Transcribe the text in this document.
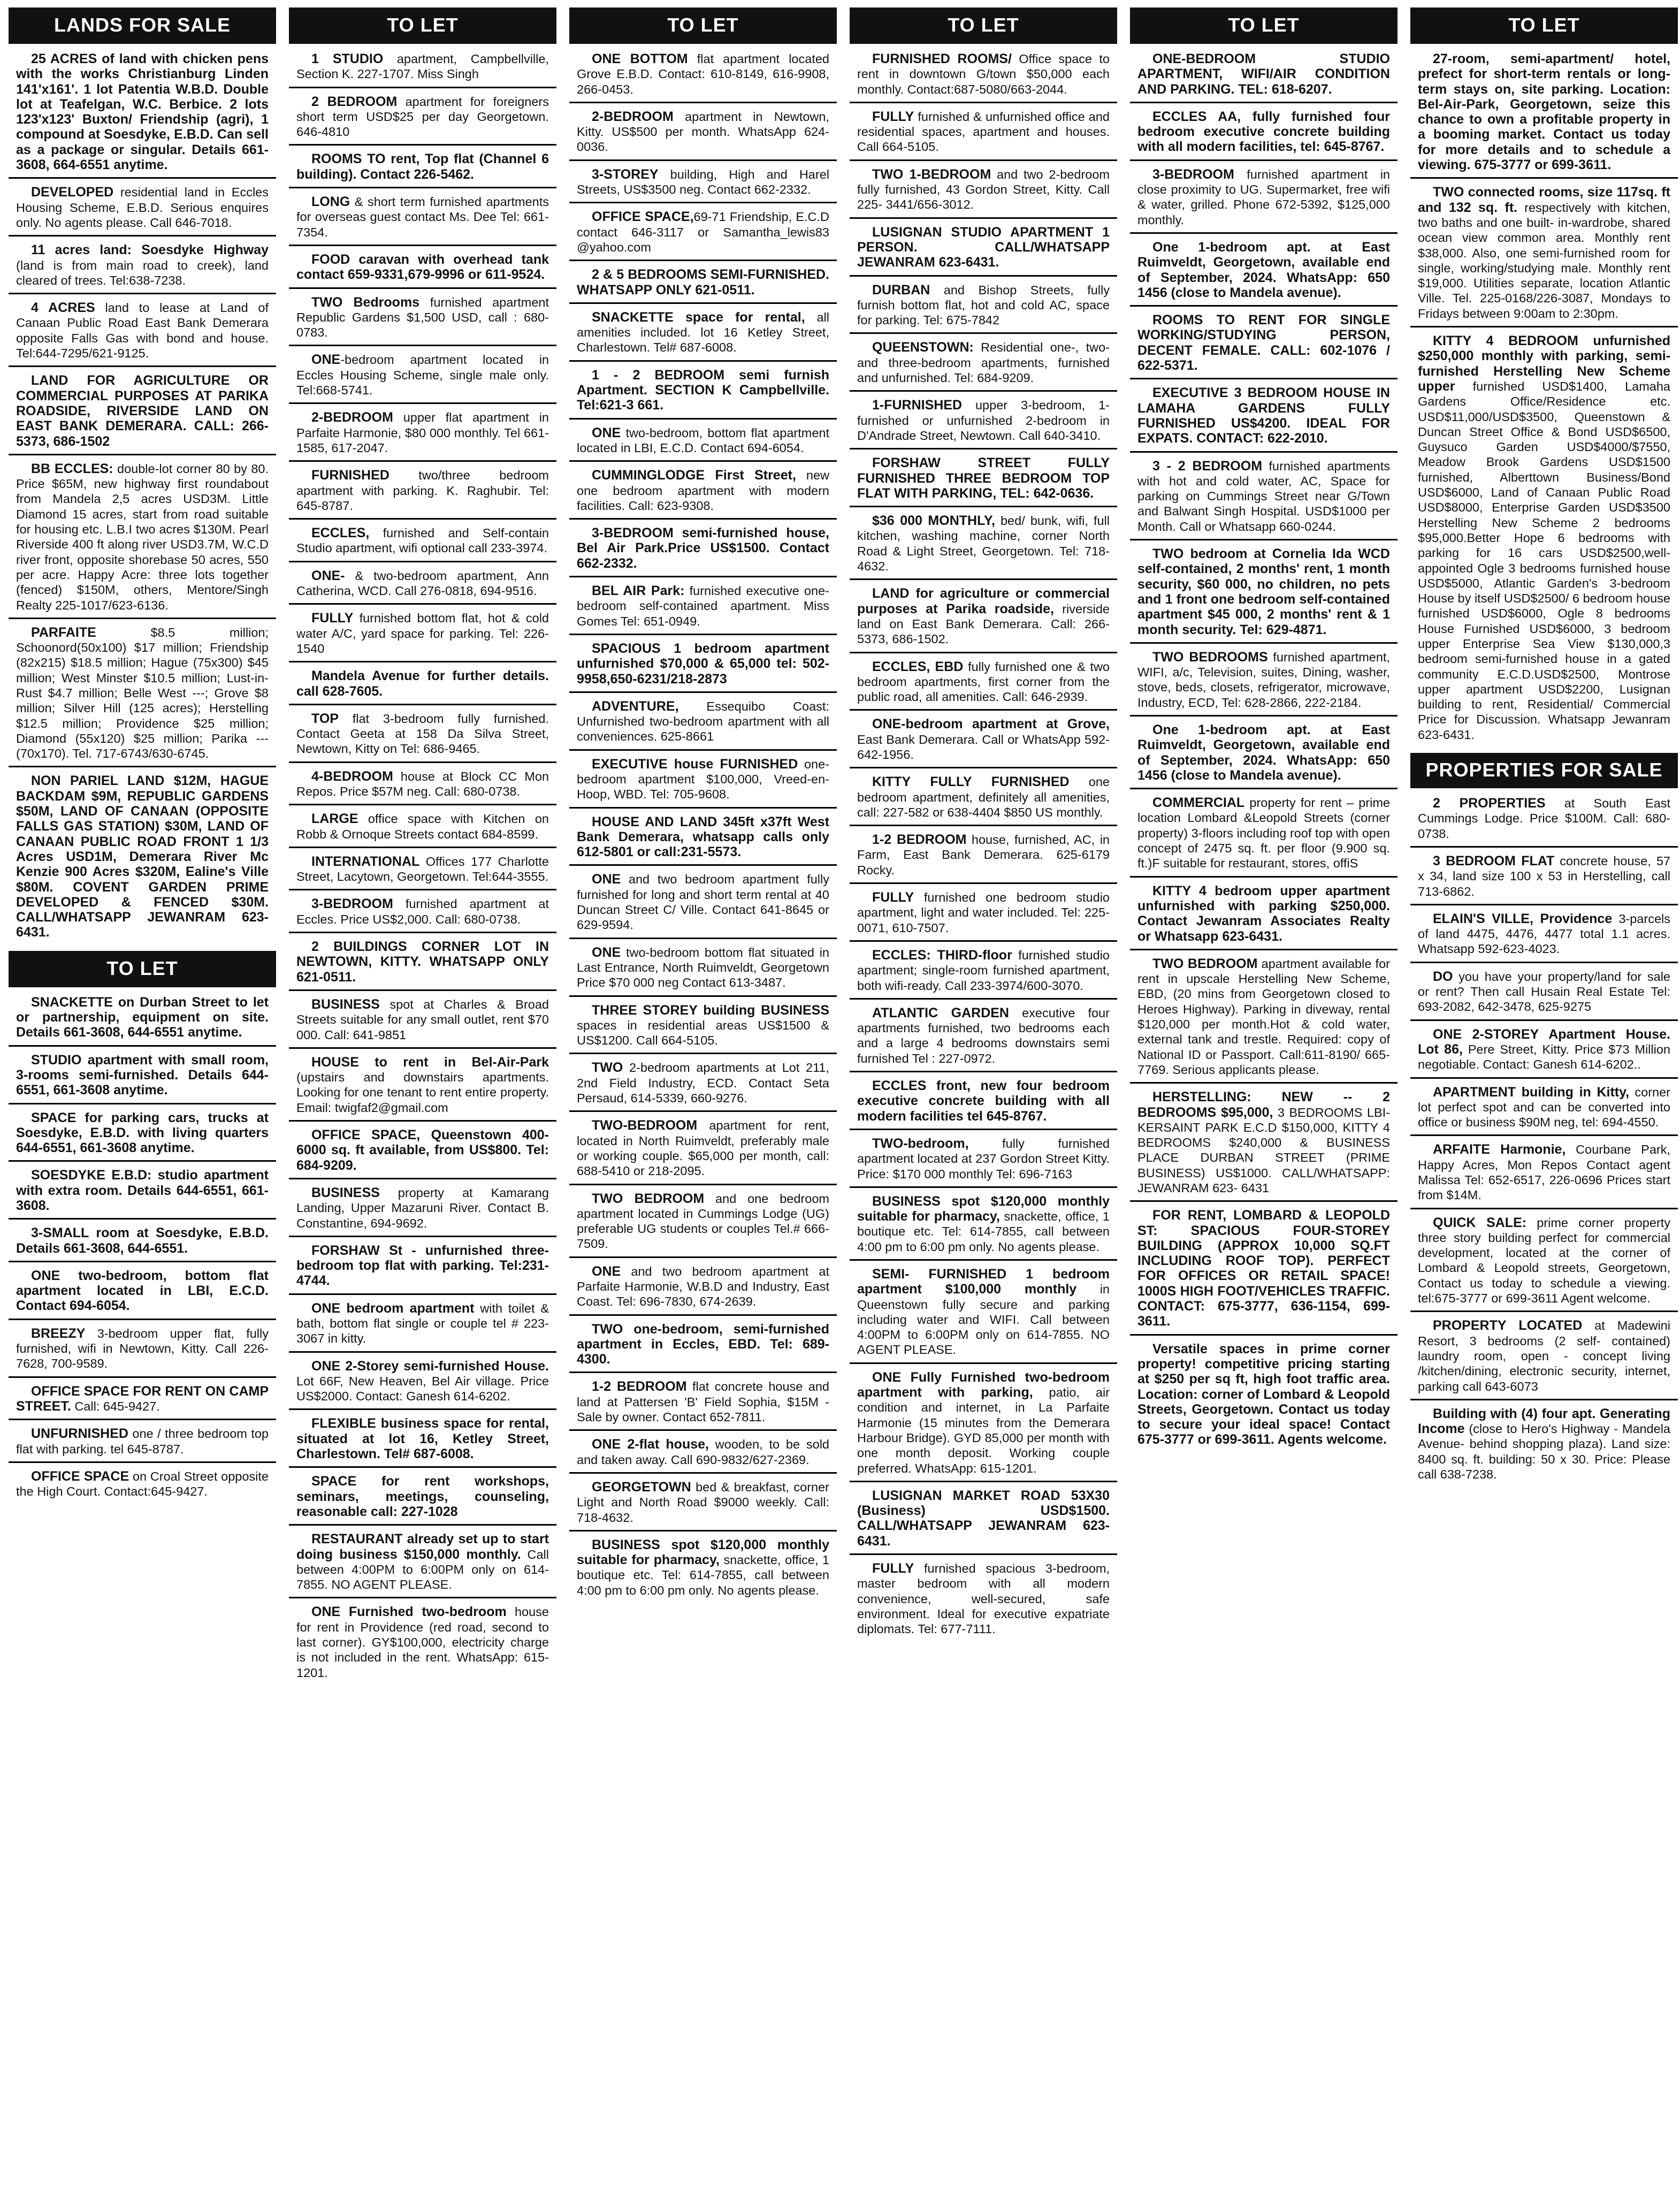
LANDS FOR SALE

25 ACRES of land with chicken pens with the works Christianburg Linden 141'x161'. 1 lot Patentia W.B.D. Double lot at Teafelgan, W.C. Berbice. 2 lots 123'x123' Buxton/ Friendship (agri), 1 compound at Soesdyke, E.B.D. Can sell as a package or singular. Details 661-3608, 664-6551 anytime.

DEVELOPED residential land in Eccles Housing Scheme, E.B.D. Serious enquires only. No agents please. Call 646-7018.

11 acres land: Soesdyke Highway (land is from main road to creek), land cleared of trees. Tel:638-7238.

4 ACRES land to lease at Land of Canaan Public Road East Bank Demerara opposite Falls Gas with bond and house. Tel:644-7295/621-9125.

LAND FOR AGRICULTURE OR COMMERCIAL PURPOSES AT PARIKA ROADSIDE, RIVERSIDE LAND ON EAST BANK DEMERARA. CALL: 266-5373, 686-1502

BB ECCLES: double-lot corner 80 by 80. Price $65M, new highway first roundabout from Mandela 2,5 acres USD3M. Little Diamond 15 acres, start from road suitable for housing etc. L.B.I two acres $130M. Pearl Riverside 400 ft along river USD3.7M, W.C.D river front, opposite shorebase 50 acres, 550 per acre. Happy Acre: three lots together (fenced) $150M, others, Mentore/Singh Realty 225-1017/623-6136.

PARFAITE $8.5 million; Schoonord(50x100) $17 million; Friendship (82x215) $18.5 million; Hague (75x300) $45 million; West Minster $10.5 million; Lust-in-Rust $4.7 million; Belle West ---; Grove $8 million; Silver Hill (125 acres); Herstelling $12.5 million; Providence $25 million; Diamond (55x120) $25 million; Parika --- (70x170). Tel. 717-6743/630-6745.

NON PARIEL LAND $12M, HAGUE BACKDAM $9M, REPUBLIC GARDENS $50M, LAND OF CANAAN (OPPOSITE FALLS GAS STATION) $30M, LAND OF CANAAN PUBLIC ROAD FRONT 1 1/3 Acres USD1M, Demerara River Mc Kenzie 900 Acres $320M, Ealine's Ville $80M. COVENT GARDEN PRIME DEVELOPED & FENCED $30M. CALL/WHATSAPP JEWANRAM 623-6431.

TO LET

SNACKETTE on Durban Street to let or partnership, equipment on site. Details 661-3608, 644-6551 anytime.

STUDIO apartment with small room, 3-rooms semi-furnished. Details 644-6551, 661-3608 anytime.

SPACE for parking cars, trucks at Soesdyke, E.B.D. with living quarters 644-6551, 661-3608 anytime.

SOESDYKE E.B.D: studio apartment with extra room. Details 644-6551, 661-3608.

3-SMALL room at Soesdyke, E.B.D. Details 661-3608, 644-6551.

ONE two-bedroom, bottom flat apartment located in LBI, E.C.D. Contact 694-6054.

BREEZY 3-bedroom upper flat, fully furnished, wifi in Newtown, Kitty. Call 226-7628, 700-9589.

OFFICE SPACE FOR RENT ON CAMP STREET. Call: 645-9427.

UNFURNISHED one / three bedroom top flat with parking. tel 645-8787.

OFFICE SPACE on Croal Street opposite the High Court. Contact:645-9427.

TO LET

1 STUDIO apartment, Campbellville, Section K. 227-1707. Miss Singh

2 BEDROOM apartment for foreigners short term USD$25 per day Georgetown. 646-4810

ROOMS TO rent, Top flat (Channel 6 building). Contact 226-5462.

LONG & short term furnished apartments for overseas guest contact Ms. Dee Tel: 661-7354.

FOOD caravan with overhead tank contact 659-9331,679-9996 or 611-9524.

TWO Bedrooms furnished apartment Republic Gardens $1,500 USD, call : 680-0783.

ONE-bedroom apartment located in Eccles Housing Scheme, single male only. Tel:668-5741.

2-BEDROOM upper flat apartment in Parfaite Harmonie, $80 000 monthly. Tel 661-1585, 617-2047.

FURNISHED two/three bedroom apartment with parking. K. Raghubir. Tel: 645-8787.

ECCLES, furnished and Self-contain Studio apartment, wifi optional call 233-3974.

ONE- & two-bedroom apartment, Ann Catherina, WCD. Call 276-0818, 694-9516.

FULLY furnished bottom flat, hot & cold water A/C, yard space for parking. Tel: 226-1540

Mandela Avenue for further details. call 628-7605.

TOP flat 3-bedroom fully furnished. Contact Geeta at 158 Da Silva Street, Newtown, Kitty on Tel: 686-9465.

4-BEDROOM house at Block CC Mon Repos. Price $57M neg. Call: 680-0738.

LARGE office space with Kitchen on Robb & Ornoque Streets contact 684-8599.

INTERNATIONAL Offices 177 Charlotte Street, Lacytown, Georgetown. Tel:644-3555.

3-BEDROOM furnished apartment at Eccles. Price US$2,000. Call: 680-0738.

2 BUILDINGS CORNER LOT IN NEWTOWN, KITTY. WHATSAPP ONLY 621-0511.

BUSINESS spot at Charles & Broad Streets suitable for any small outlet, rent $70 000. Call: 641-9851

HOUSE to rent in Bel-Air-Park (upstairs and downstairs apartments. Looking for one tenant to rent entire property. Email: twigfaf2@gmail.com

OFFICE SPACE, Queenstown 400-6000 sq. ft available, from US$800. Tel: 684-9209.

BUSINESS property at Kamarang Landing, Upper Mazaruni River. Contact B. Constantine, 694-9692.

FORSHAW St - unfurnished three-bedroom top flat with parking. Tel:231-4744.

ONE bedroom apartment with toilet & bath, bottom flat single or couple tel # 223-3067 in kitty.

ONE 2-Storey semi-furnished House. Lot 66F, New Heaven, Bel Air village. Price US$2000. Contact: Ganesh 614-6202.

FLEXIBLE business space for rental, situated at lot 16, Ketley Street, Charlestown. Tel# 687-6008.

SPACE for rent workshops, seminars, meetings, counseling, reasonable call: 227-1028

RESTAURANT already set up to start doing business $150,000 monthly. Call between 4:00PM to 6:00PM only on 614-7855. NO AGENT PLEASE.

ONE Furnished two-bedroom house for rent in Providence (red road, second to last corner). GY$100,000, electricity charge is not included in the rent. WhatsApp: 615-1201.

TO LET

ONE BOTTOM flat apartment located Grove E.B.D. Contact: 610-8149, 616-9908, 266-0453.

2-BEDROOM apartment in Newtown, Kitty. US$500 per month. WhatsApp 624-0036.

3-STOREY building, High and Harel Streets, US$3500 neg. Contact 662-2332.

OFFICE SPACE,69-71 Friendship, E.C.D contact 646-3117 or Samantha_lewis83 @yahoo.com

2 & 5 BEDROOMS SEMI-FURNISHED. WHATSAPP ONLY 621-0511.

SNACKETTE space for rental, all amenities included. lot 16 Ketley Street, Charlestown. Tel# 687-6008.

1 - 2 BEDROOM semi furnish Apartment. SECTION K Campbellville. Tel:621-3 661.

ONE two-bedroom, bottom flat apartment located in LBI, E.C.D. Contact 694-6054.

CUMMINGLODGE First Street, new one bedroom apartment with modern facilities. Call: 623-9308.

3-BEDROOM semi-furnished house, Bel Air Park.Price US$1500. Contact 662-2332.

BEL AIR Park: furnished executive one-bedroom self-contained apartment. Miss Gomes Tel: 651-0949.

SPACIOUS 1 bedroom apartment unfurnished $70,000 & 65,000 tel: 502-9958,650-6231/218-2873

ADVENTURE, Essequibo Coast: Unfurnished two-bedroom apartment with all conveniences. 625-8661

EXECUTIVE house FURNISHED one-bedroom apartment $100,000, Vreed-en-Hoop, WBD. Tel: 705-9608.

HOUSE AND LAND 345ft x37ft West Bank Demerara, whatsapp calls only 612-5801 or call:231-5573.

ONE and two bedroom apartment fully furnished for long and short term rental at 40 Duncan Street C/ Ville. Contact 641-8645 or 629-9594.

ONE two-bedroom bottom flat situated in Last Entrance, North Ruimveldt, Georgetown Price $70 000 neg Contact 613-3487.

THREE STOREY building BUSINESS spaces in residential areas US$1500 & US$1200. Call 664-5105.

TWO 2-bedroom apartments at Lot 211, 2nd Field Industry, ECD. Contact Seta Persaud, 614-5339, 660-9276.

TWO-BEDROOM apartment for rent, located in North Ruimveldt, preferably male or working couple. $65,000 per month, call: 688-5410 or 218-2095.

TWO BEDROOM and one bedroom apartment located in Cummings Lodge (UG) preferable UG students or couples Tel.# 666-7509.

ONE and two bedroom apartment at Parfaite Harmonie, W.B.D and Industry, East Coast. Tel: 696-7830, 674-2639.

TWO one-bedroom, semi-furnished apartment in Eccles, EBD. Tel: 689-4300.

1-2 BEDROOM flat concrete house and land at Pattersen 'B' Field Sophia, $15M - Sale by owner. Contact 652-7811.

ONE 2-flat house, wooden, to be sold and taken away. Call 690-9832/627-2369.

GEORGETOWN bed & breakfast, corner Light and North Road $9000 weekly. Call: 718-4632.

BUSINESS spot $120,000 monthly suitable for pharmacy, snackette, office, 1 boutique etc. Tel: 614-7855, call between 4:00 pm to 6:00 pm only. No agents please.

TO LET

FURNISHED ROOMS/ Office space to rent in downtown G/town $50,000 each monthly. Contact:687-5080/663-2044.

FULLY furnished & unfurnished office and residential spaces, apartment and houses. Call 664-5105.

TWO 1-BEDROOM and two 2-bedroom fully furnished, 43 Gordon Street, Kitty. Call 225- 3441/656-3012.

LUSIGNAN STUDIO APARTMENT 1 PERSON. CALL/WHATSAPP JEWANRAM 623-6431.

DURBAN and Bishop Streets, fully furnish bottom flat, hot and cold AC, space for parking. Tel: 675-7842

QUEENSTOWN: Residential one-, two- and three-bedroom apartments, furnished and unfurnished. Tel: 684-9209.

1-FURNISHED upper 3-bedroom, 1-furnished or unfurnished 2-bedroom in D'Andrade Street, Newtown. Call 640-3410.

FORSHAW STREET FULLY FURNISHED THREE BEDROOM TOP FLAT WITH PARKING, TEL: 642-0636.

$36 000 MONTHLY, bed/ bunk, wifi, full kitchen, washing machine, corner North Road & Light Street, Georgetown. Tel: 718-4632.

LAND for agriculture or commercial purposes at Parika roadside, riverside land on East Bank Demerara. Call: 266-5373, 686-1502.

ECCLES, EBD fully furnished one & two bedroom apartments, first corner from the public road, all amenities. Call: 646-2939.

ONE-bedroom apartment at Grove, East Bank Demerara. Call or WhatsApp 592-642-1956.

KITTY FULLY FURNISHED one bedroom apartment, definitely all amenities, call: 227-582 or 638-4404 $850 US monthly.

1-2 BEDROOM house, furnished, AC, in Farm, East Bank Demerara. 625-6179 Rocky.

FULLY furnished one bedroom studio apartment, light and water included. Tel: 225-0071, 610-7507.

ECCLES: THIRD-floor furnished studio apartment; single-room furnished apartment, both wifi-ready. Call 233-3974/600-3070.

ATLANTIC GARDEN executive four apartments furnished, two bedrooms each and a large 4 bedrooms downstairs semi furnished Tel : 227-0972.

ECCLES front, new four bedroom executive concrete building with all modern facilities tel 645-8767.

TWO-bedroom, fully furnished apartment located at 237 Gordon Street Kitty. Price: $170 000 monthly Tel: 696-7163

BUSINESS spot $120,000 monthly suitable for pharmacy, snackette, office, 1 boutique etc. Tel: 614-7855, call between 4:00 pm to 6:00 pm only. No agents please.

SEMI- FURNISHED 1 bedroom apartment $100,000 monthly in Queenstown fully secure and parking including water and WIFI. Call between 4:00PM to 6:00PM only on 614-7855. NO AGENT PLEASE.

ONE Fully Furnished two-bedroom apartment with parking, patio, air condition and internet, in La Parfaite Harmonie (15 minutes from the Demerara Harbour Bridge). GYD 85,000 per month with one month deposit. Working couple preferred. WhatsApp: 615-1201.

LUSIGNAN MARKET ROAD 53X30 (Business) USD$1500. CALL/WHATSAPP JEWANRAM 623-6431.

FULLY furnished spacious 3-bedroom, master bedroom with all modern convenience, well-secured, safe environment. Ideal for executive expatriate diplomats. Tel: 677-7111.

TO LET

ONE-BEDROOM STUDIO APARTMENT, WIFI/AIR CONDITION AND PARKING. TEL: 618-6207.

ECCLES AA, fully furnished four bedroom executive concrete building with all modern facilities, tel: 645-8767.

3-BEDROOM furnished apartment in close proximity to UG. Supermarket, free wifi & water, grilled. Phone 672-5392, $125,000 monthly.

One 1-bedroom apt. at East Ruimveldt, Georgetown, available end of September, 2024. WhatsApp: 650 1456 (close to Mandela avenue).

ROOMS TO RENT FOR SINGLE WORKING/STUDYING PERSON, DECENT FEMALE. CALL: 602-1076 / 622-5371.

EXECUTIVE 3 BEDROOM HOUSE IN LAMAHA GARDENS FULLY FURNISHED US$4200. IDEAL FOR EXPATS. CONTACT: 622-2010.

3 - 2 BEDROOM furnished apartments with hot and cold water, AC, Space for parking on Cummings Street near G/Town and Balwant Singh Hospital. USD$1000 per Month. Call or Whatsapp 660-0244.

TWO bedroom at Cornelia Ida WCD self-contained, 2 months' rent, 1 month security, $60 000, no children, no pets and 1 front one bedroom self-contained apartment $45 000, 2 months' rent & 1 month security. Tel: 629-4871.

TWO BEDROOMS furnished apartment, WIFI, a/c, Television, suites, Dining, washer, stove, beds, closets, refrigerator, microwave, Industry, ECD, Tel: 628-2866, 222-2184.

One 1-bedroom apt. at East Ruimveldt, Georgetown, available end of September, 2024. WhatsApp: 650 1456 (close to Mandela avenue).

COMMERCIAL property for rent – prime location Lombard &Leopold Streets (corner property) 3-floors including roof top with open concept of 2475 sq. ft. per floor (9.900 sq. ft.)F suitable for restaurant, stores, offiS

KITTY 4 bedroom upper apartment unfurnished with parking $250,000. Contact Jewanram Associates Realty or Whatsapp 623-6431.

TWO BEDROOM apartment available for rent in upscale Herstelling New Scheme, EBD, (20 mins from Georgetown closed to Heroes Highway). Parking in diveway, rental $120,000 per month.Hot & cold water, external tank and trestle. Required: copy of National ID or Passport. Call:611-8190/ 665-7769. Serious applicants please.

HERSTELLING: NEW -- 2 BEDROOMS $95,000, 3 BEDROOMS LBI-KERSAINT PARK E.C.D $150,000, KITTY 4 BEDROOMS $240,000 & BUSINESS PLACE DURBAN STREET (PRIME BUSINESS) US$1000. CALL/WHATSAPP: JEWANRAM 623- 6431

FOR RENT, LOMBARD & LEOPOLD ST: SPACIOUS FOUR-STOREY BUILDING (APPROX 10,000 SQ.FT INCLUDING ROOF TOP). PERFECT FOR OFFICES OR RETAIL SPACE! 1000S HIGH FOOT/VEHICLES TRAFFIC. CONTACT: 675-3777, 636-1154, 699-3611.

Versatile spaces in prime corner property! competitive pricing starting at $250 per sq ft, high foot traffic area. Location: corner of Lombard & Leopold Streets, Georgetown. Contact us today to secure your ideal space! Contact 675-3777 or 699-3611. Agents welcome.

TO LET

27-room, semi-apartment/ hotel, prefect for short-term rentals or long-term stays on, site parking. Location: Bel-Air-Park, Georgetown, seize this chance to own a profitable property in a booming market. Contact us today for more details and to schedule a viewing. 675-3777 or 699-3611.

TWO connected rooms, size 117sq. ft and 132 sq. ft. respectively with kitchen, two baths and one built- in-wardrobe, shared ocean view common area. Monthly rent $38,000. Also, one semi-furnished room for single, working/studying male. Monthly rent $19,000. Utilities separate, location Atlantic Ville. Tel. 225-0168/226-3087, Mondays to Fridays between 9:00am to 2:30pm.

KITTY 4 BEDROOM unfurnished $250,000 monthly with parking, semi-furnished Herstelling New Scheme upper furnished USD$1400, Lamaha Gardens Office/Residence etc. USD$11,000/USD$3500, Queenstown & Duncan Street Office & Bond USD$6500, Guysuco Garden USD$4000/$7550, Meadow Brook Gardens USD$1500 furnished, Alberttown Business/Bond USD$6000, Land of Canaan Public Road USD$8000, Enterprise Garden USD$3500 Herstelling New Scheme 2 bedrooms $95,000.Better Hope 6 bedrooms with parking for 16 cars USD$2500,well-appointed Ogle 3 bedrooms furnished house USD$5000, Atlantic Garden's 3-bedroom House by itself USD$2500/ 6 bedroom house furnished USD$6000, Ogle 8 bedrooms House Furnished USD$6000, 3 bedroom upper Enterprise Sea View $130,000,3 bedroom semi-furnished house in a gated community E.C.D.USD$2500, Montrose upper apartment USD$2200, Lusignan building to rent, Residential/ Commercial Price for Discussion. Whatsapp Jewanram 623-6431.

PROPERTIES FOR SALE

2 PROPERTIES at South East Cummings Lodge. Price $100M. Call: 680-0738.

3 BEDROOM FLAT concrete house, 57 x 34, land size 100 x 53 in Herstelling, call 713-6862.

ELAIN'S VILLE, Providence 3-parcels of land 4475, 4476, 4477 total 1.1 acres. Whatsapp 592-623-4023.

DO you have your property/land for sale or rent? Then call Husain Real Estate Tel: 693-2082, 642-3478, 625-9275

ONE 2-STOREY Apartment House. Lot 86, Pere Street, Kitty. Price $73 Million negotiable. Contact: Ganesh 614-6202..

APARTMENT building in Kitty, corner lot perfect spot and can be converted into office or business $90M neg, tel: 694-4550.

ARFAITE Harmonie, Courbane Park, Happy Acres, Mon Repos Contact agent Malissa Tel: 652-6517, 226-0696 Prices start from $14M.

QUICK SALE: prime corner property three story building perfect for commercial development, located at the corner of Lombard & Leopold streets, Georgetown, Contact us today to schedule a viewing. tel:675-3777 or 699-3611 Agent welcome.

PROPERTY LOCATED at Madewini Resort, 3 bedrooms (2 self- contained) laundry room, open - concept living /kitchen/dining, electronic security, internet, parking call 643-6073

Building with (4) four apt. Generating Income (close to Hero's Highway - Mandela Avenue- behind shopping plaza). Land size: 8400 sq. ft. building: 50 x 30. Price: Please call 638-7238.
